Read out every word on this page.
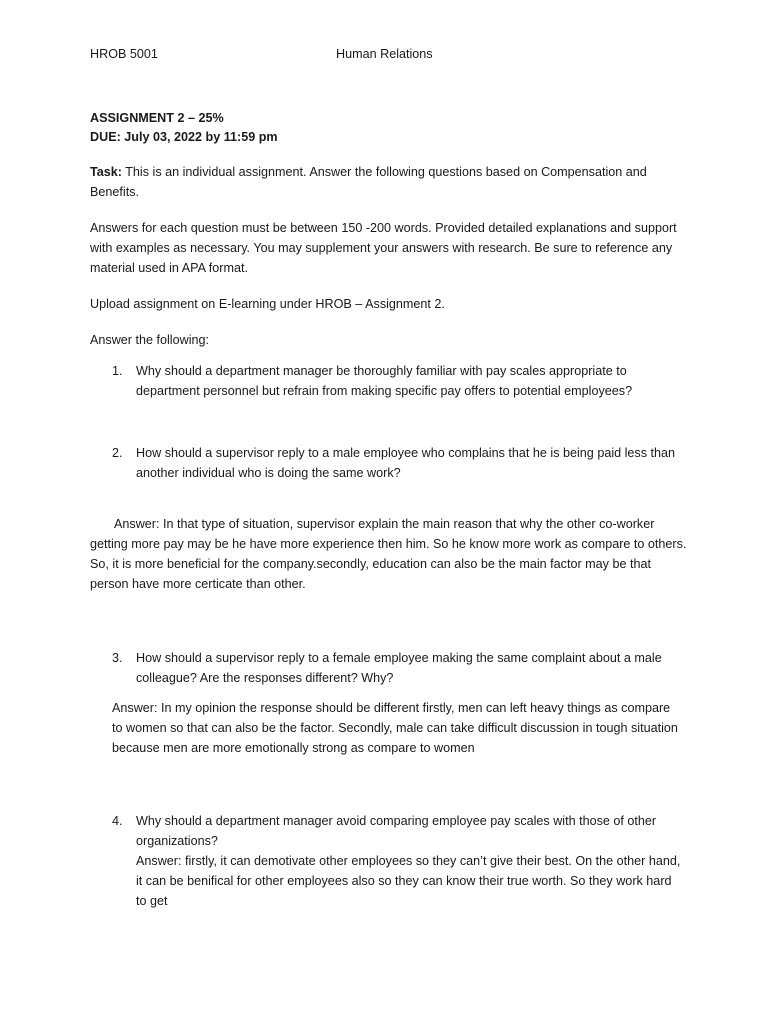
HROB 5001	Human Relations
ASSIGNMENT 2 – 25%
DUE: July 03, 2022 by 11:59 pm

Task: This is an individual assignment. Answer the following questions based on Compensation and Benefits.

Answers for each question must be between 150 -200 words. Provided detailed explanations and support with examples as necessary. You may supplement your answers with research. Be sure to reference any material used in APA format.

Upload assignment on E-learning under HROB – Assignment 2.

Answer the following:

1.	Why should a department manager be thoroughly familiar with pay scales appropriate to department personnel but refrain from making specific pay offers to potential employees?

2.	How should a supervisor reply to a male employee who complains that he is being paid less than another individual who is doing the same work?

Answer: In that type of situation, supervisor explain the main reason that why the other co-worker getting more pay may be he have more experience then him. So he know more work as compare to others. So, it is more beneficial for the company.secondly, education can also be the main factor may be that person have more certicate than other.

3.	How should a supervisor reply to a female employee making the same complaint about a male colleague? Are the responses different? Why?

Answer: In my opinion the response should be different firstly, men can left heavy things as compare to women so that can also be the factor. Secondly, male can take difficult discussion in tough situation because men are more emotionally strong as compare to women

4.	Why should a department manager avoid comparing employee pay scales with those of other organizations?

Answer: firstly, it can demotivate other employees so they can’t give their best. On the other hand, it can be benifical for other employees also so they can know their true worth. So they work hard to get
